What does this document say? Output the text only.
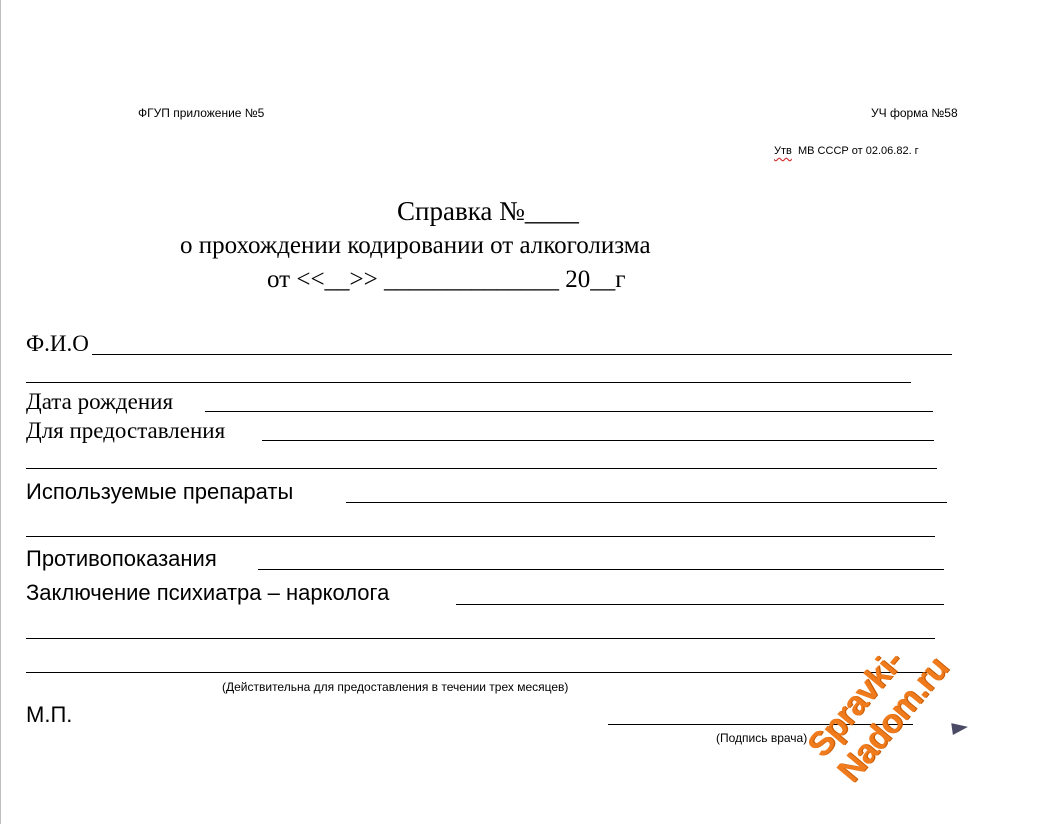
ФГУП приложение №5	УЧ форма №58
Утв МВ СССР от 02.06.82. г
Справка №____
о прохождении кодировании от алкоголизма
от <<__>> ______________ 20__г
Ф.И.О
Дата рождения
Для предоставления
Используемые препараты
Противопоказания
Заключение психиатра – нарколога
(Действительна для предоставления в течении трех месяцев)
М.П.
(Подпись врача)
Spravki-Nadom.ru
